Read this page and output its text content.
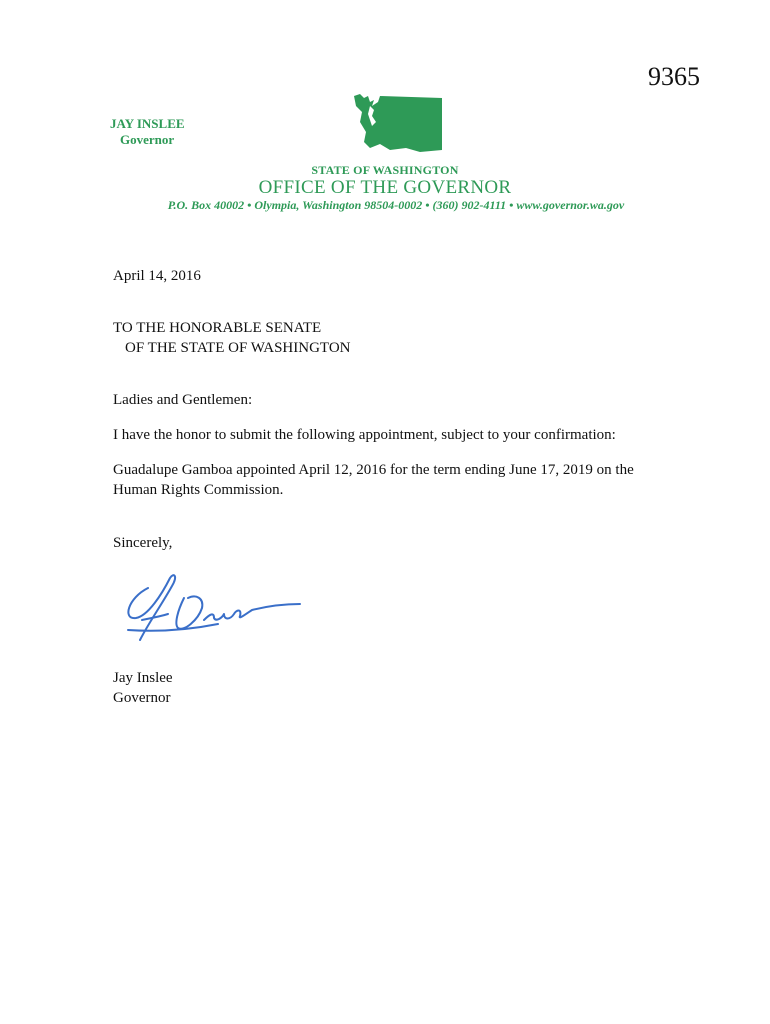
9365
JAY INSLEE
Governor
STATE OF WASHINGTON
OFFICE OF THE GOVERNOR
P.O. Box 40002 • Olympia, Washington 98504-0002 • (360) 902-4111 • www.governor.wa.gov
April 14, 2016
TO THE HONORABLE SENATE
OF THE STATE OF WASHINGTON
Ladies and Gentlemen:
I have the honor to submit the following appointment, subject to your confirmation:
Guadalupe Gamboa appointed April 12, 2016 for the term ending June 17, 2019 on the Human Rights Commission.
Sincerely,
Jay Inslee
Governor
